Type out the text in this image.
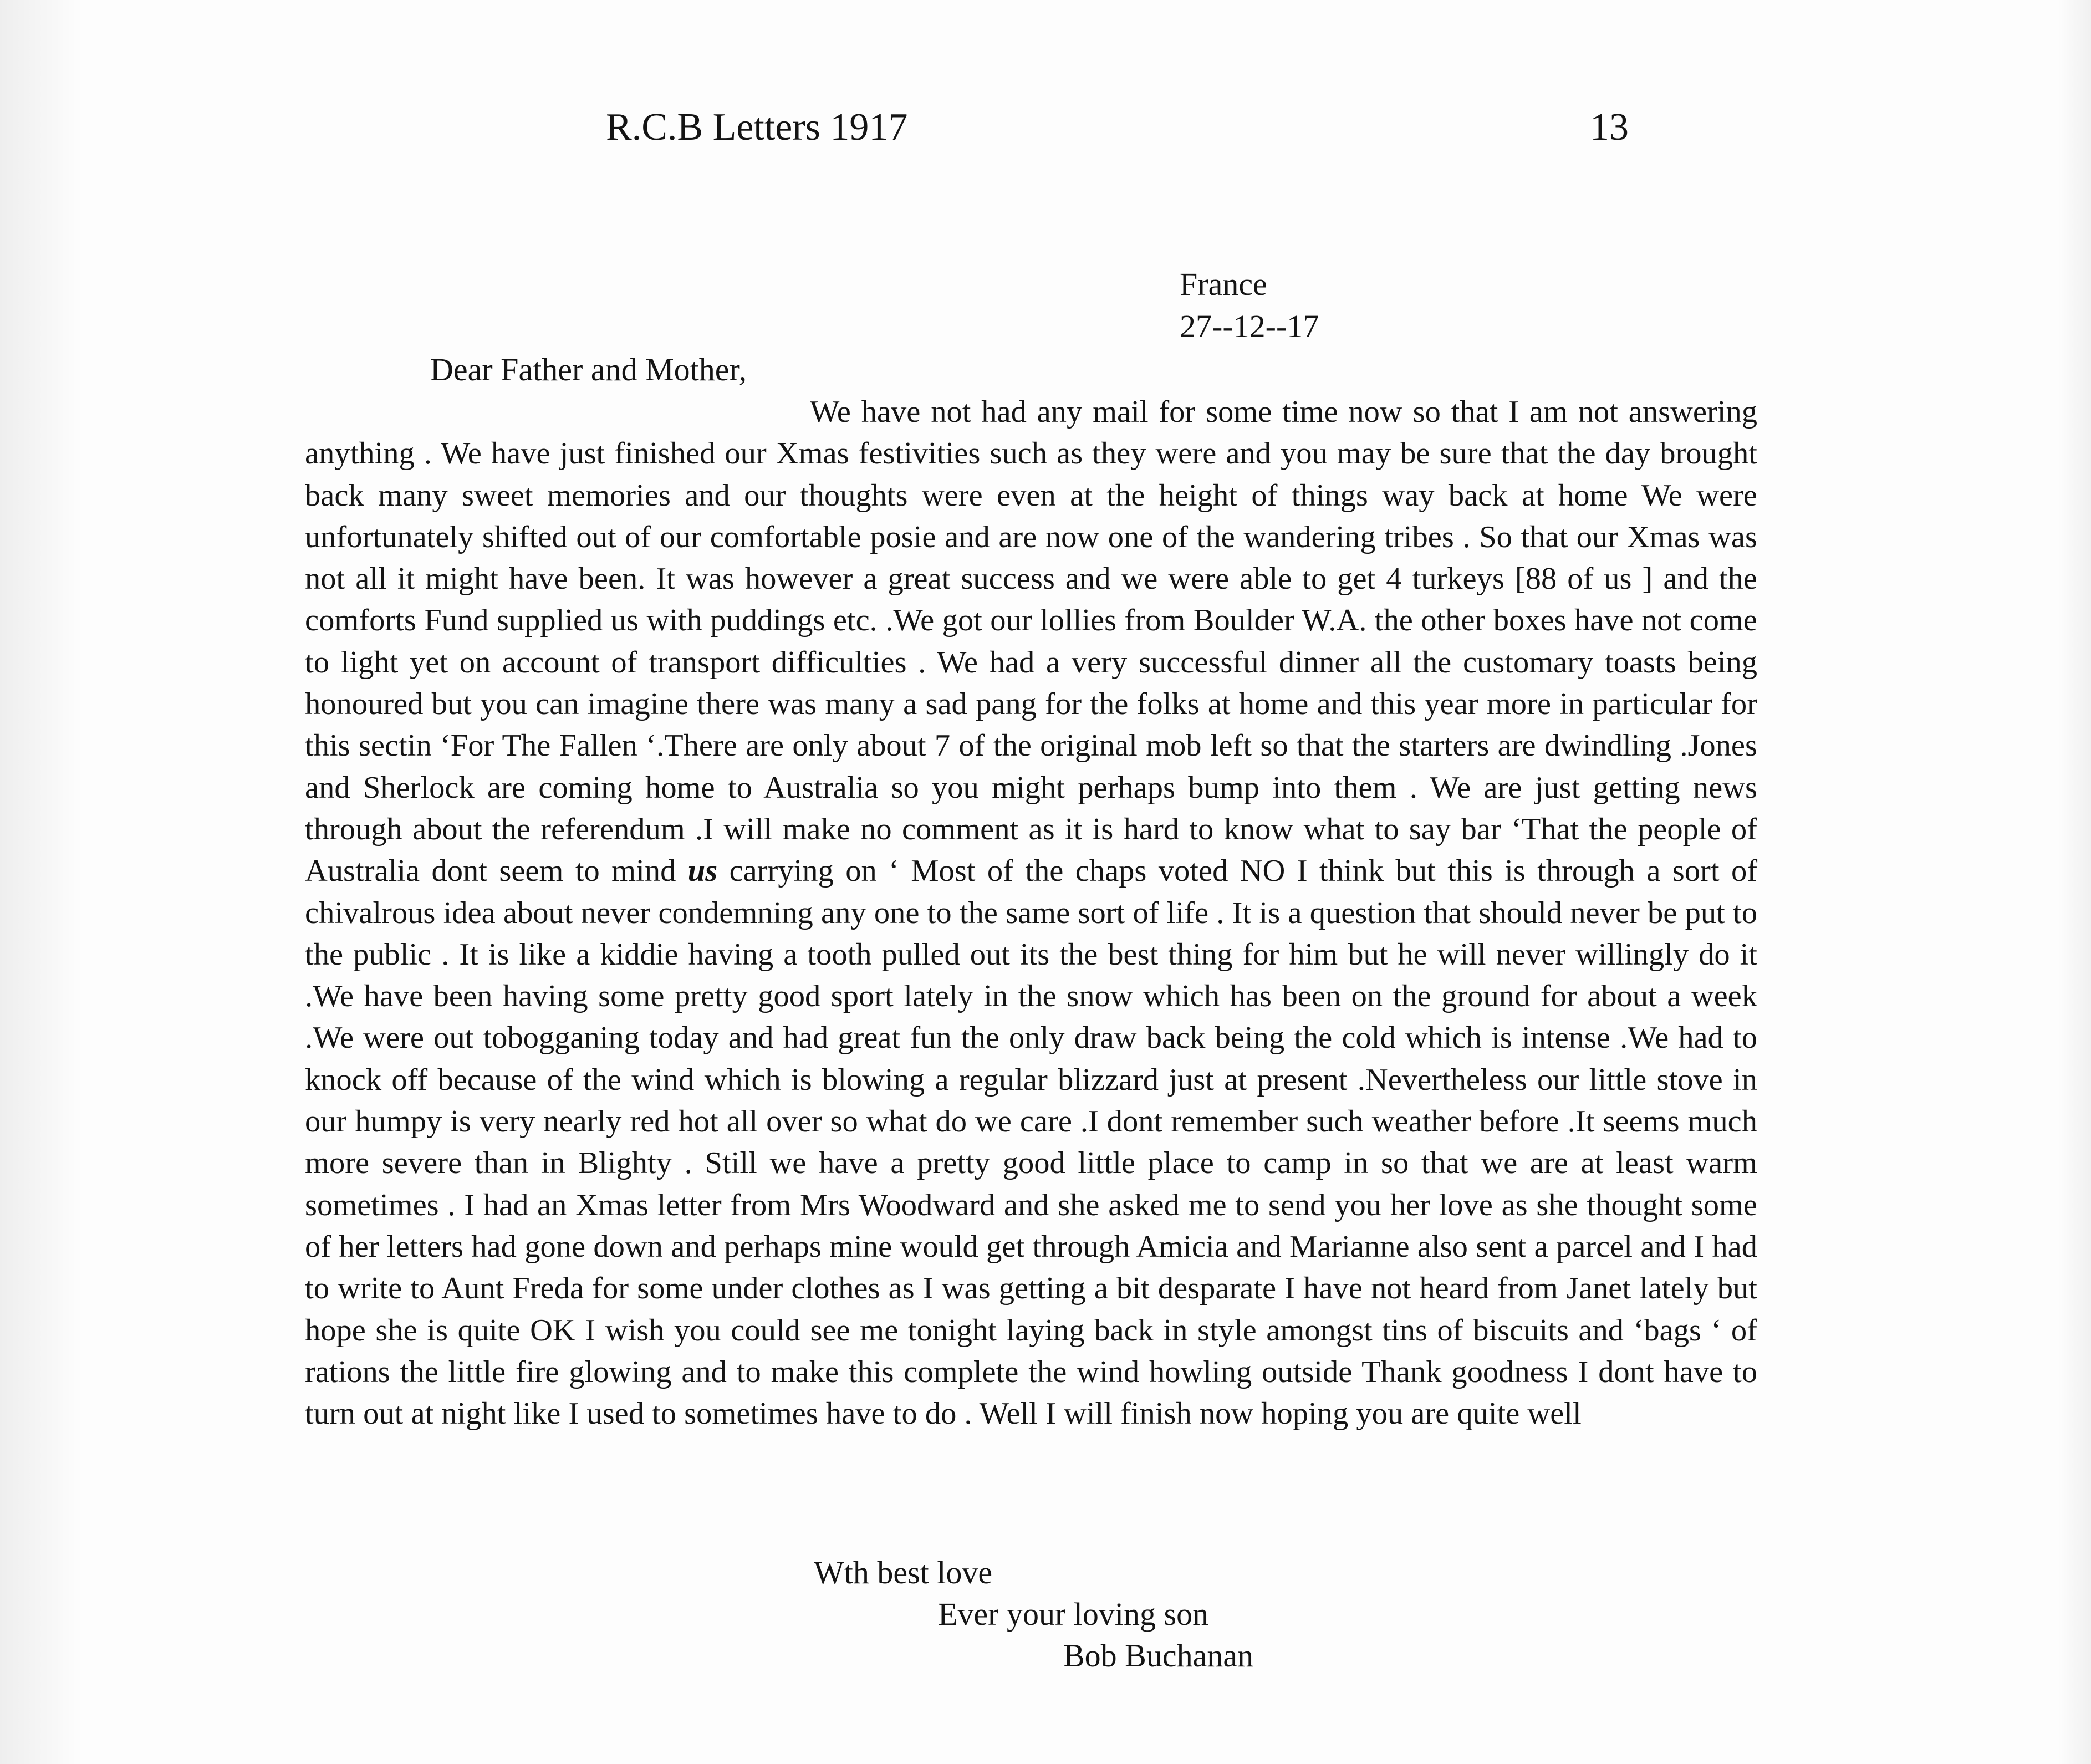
R.C.B Letters 1917	13
France
27--12--17
Dear Father and Mother,

We have not had any mail for some time now so that I am not answering anything . We have just finished our Xmas festivities such as they were and you may be sure that the day brought back many sweet memories and our thoughts were even at the height of things way back at home We were unfortunately shifted out of our comfortable posie and are now one of the wandering tribes . So that our Xmas was not all it might have been. It was however a great success and we were able to get 4 turkeys [88 of us ] and the comforts Fund supplied us with puddings etc. .We got our lollies from Boulder W.A. the other boxes have not come to light yet on account of transport difficulties . We had a very successful dinner all the customary toasts being honoured but you can imagine there was many a sad pang for the folks at home and this year more in particular for this sectin ‘For The Fallen ‘.There are only about 7 of the original mob left so that the starters are dwindling .Jones and Sherlock are coming home to Australia so you might perhaps bump into them . We are just getting news through about the referendum .I will make no comment as it is hard to know what to say bar ‘That the people of Australia dont seem to mind us carrying on ‘ Most of the chaps voted NO I think but this is through a sort of chivalrous idea about never condemning any one to the same sort of life . It is a question that should never be put to the public . It is like a kiddie having a tooth pulled out its the best thing for him but he will never willingly do it .We have been having some pretty good sport lately in the snow which has been on the ground for about a week .We were out tobogganing today and had great fun the only draw back being the cold which is intense .We had to knock off because of the wind which is blowing a regular blizzard just at present .Nevertheless our little stove in our humpy is very nearly red hot all over so what do we care .I dont remember such weather before .It seems much more severe than in Blighty . Still we have a pretty good little place to camp in so that we are at least warm sometimes . I had an Xmas letter from Mrs Woodward and she asked me to send you her love as she thought some of her letters had gone down and perhaps mine would get through Amicia and Marianne also sent a parcel and I had to write to Aunt Freda for some under clothes as I was getting a bit desparate I have not heard from Janet lately but hope she is quite OK I wish you could see me tonight laying back in style amongst tins of biscuits and ‘bags ‘ of rations the little fire glowing and to make this complete the wind howling outside Thank goodness I dont have to turn out at night like I used to sometimes have to do . Well I will finish now hoping you are quite well

Wth best love
Ever your loving son
Bob Buchanan
